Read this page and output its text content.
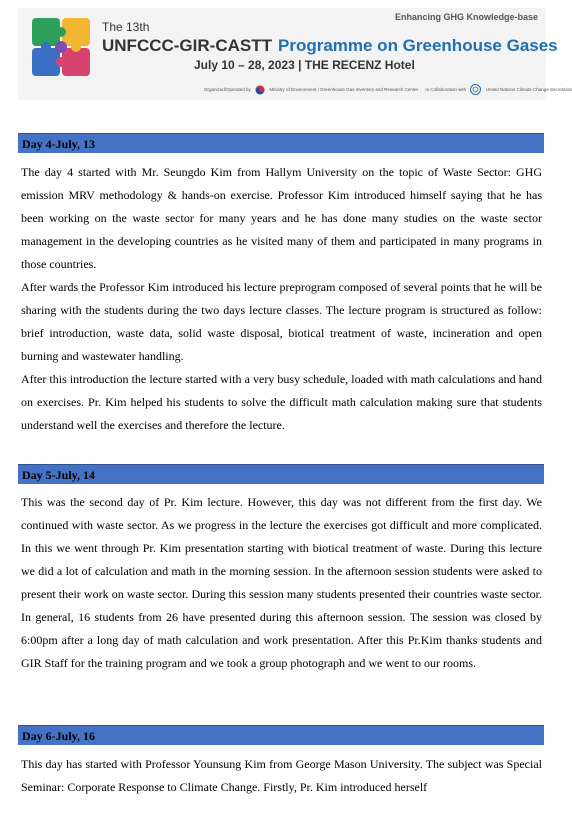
Enhancing GHG Knowledge-base
The 13th
UNFCCC-GIR-CASTT Programme on Greenhouse Gases
July 10 – 28, 2023 | THE RECENZ Hotel
Organized/Operated by	Ministry of Environment / Greenhouse Gas Inventory and Research Center In Collaboration with	United Nations Climate Change Secretariat
Day 4-July, 13

The day 4 started with Mr. Seungdo Kim from Hallym University on the topic of Waste Sector: GHG emission MRV methodology & hands-on exercise. Professor Kim introduced himself saying that he has been working on the waste sector for many years and he has done many studies on the waste sector management in the developing countries as he visited many of them and participated in many programs in those countries.

After wards the Professor Kim introduced his lecture preprogram composed of several points that he will be sharing with the students during the two days lecture classes. The lecture program is structured as follow: brief introduction, waste data, solid waste disposal, biotical treatment of waste, incineration and open burning and wastewater handling.

After this introduction the lecture started with a very busy schedule, loaded with math calculations and hand on exercises. Pr. Kim helped his students to solve the difficult math calculation making sure that students understand well the exercises and therefore the lecture.

Day 5-July, 14

This was the second day of Pr. Kim lecture. However, this day was not different from the first day. We continued with waste sector. As we progress in the lecture the exercises got difficult and more complicated. In this we went through Pr. Kim presentation starting with biotical treatment of waste. During this lecture we did a lot of calculation and math in the morning session. In the afternoon session students were asked to present their work on waste sector. During this session many students presented their countries waste sector. In general, 16 students from 26 have presented during this afternoon session. The session was closed by 6:00pm after a long day of math calculation and work presentation. After this Pr.Kim thanks students and GIR Staff for the training program and we took a group photograph and we went to our rooms.

Day 6-July, 16

This day has started with Professor Younsung Kim from George Mason University. The subject was Special Seminar: Corporate Response to Climate Change. Firstly, Pr. Kim introduced herself
